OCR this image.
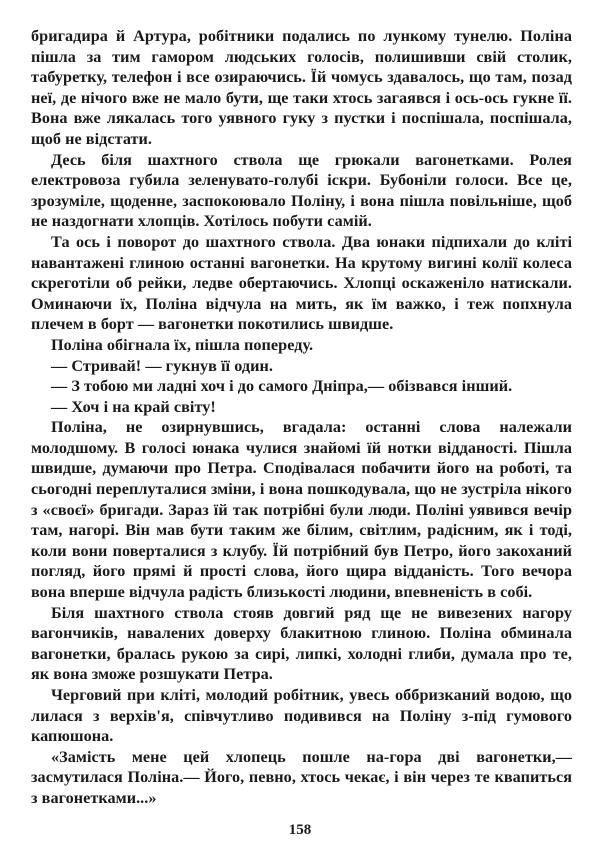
бригадира й Артура, робітники подались по лункому тунелю. Поліна пішла за тим гамором людських голосів, полишивши свій столик, табуретку, телефон і все озираючись. Їй чомусь здавалось, що там, позад неї, де нічого вже не мало бути, ще таки хтось загаявся і ось-ось гукне її. Вона вже лякалась того уявного гуку з пустки і поспішала, поспішала, щоб не відстати.

Десь біля шахтного ствола ще грюкали вагонетками. Ролея електровоза губила зеленувато-голубі іскри. Бубоніли голоси. Все це, зрозуміле, щоденне, заспокоювало Поліну, і вона пішла повільніше, щоб не наздогнати хлопців. Хотілось побути самій.

Та ось і поворот до шахтного ствола. Два юнаки підпихали до кліті навантажені глиною останні вагонетки. На крутому вигині колії колеса скреготіли об рейки, ледве обертаючись. Хлопці оскаженіло натискали. Оминаючи їх, Поліна відчула на мить, як їм важко, і теж попхнула плечем в борт — вагонетки покотились швидше.

Поліна обігнала їх, пішла попереду.

— Стривай! — гукнув її один.

— З тобою ми ладні хоч і до самого Дніпра,— обізвався інший.

— Хоч і на край світу!

Поліна, не озирнувшись, вгадала: останні слова належали молодшому. В голосі юнака чулися знайомі їй нотки відданості. Пішла швидше, думаючи про Петра. Сподівалася побачити його на роботі, та сьогодні переплуталися зміни, і вона пошкодувала, що не зустріла нікого з «своєї» бригади. Зараз їй так потрібні були люди. Поліні уявився вечір там, нагорі. Він мав бути таким же білим, світлим, радісним, як і тоді, коли вони поверталися з клубу. Їй потрібний був Петро, його закоханий погляд, його прямі й прості слова, його щира відданість. Того вечора вона вперше відчула радість близькості людини, впевненість в собі.

Біля шахтного ствола стояв довгий ряд ще не вивезених нагору вагончиків, навалених доверху блакитною глиною. Поліна обминала вагонетки, бралась рукою за сирі, липкі, холодні глиби, думала про те, як вона зможе розшукати Петра.

Черговий при кліті, молодий робітник, увесь оббризканий водою, що лилася з верхів'я, співчутливо подивився на Поліну з-під гумового капюшона.

«Замість мене цей хлопець пошле на-гора дві вагонетки,— засмутилася Поліна.— Його, певно, хтось чекає, і він через те квапиться з вагонетками...»

158
